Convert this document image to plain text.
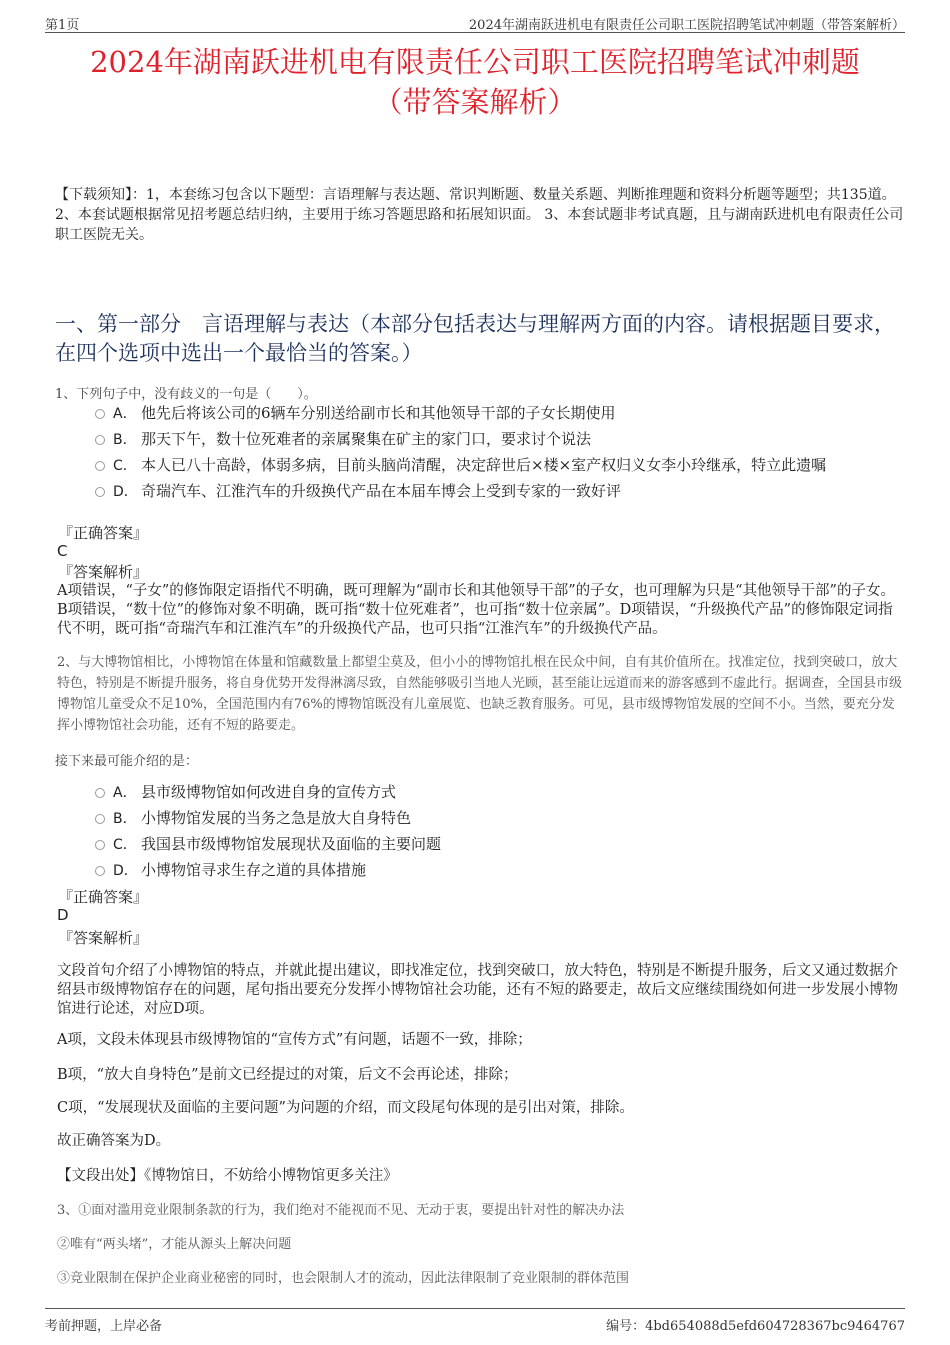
第1页	2024年湖南跃进机电有限责任公司职工医院招聘笔试冲刺题（带答案解析）
2024年湖南跃进机电有限责任公司职工医院招聘笔试冲刺题
（带答案解析）
【下载须知】：1，本套练习包含以下题型：言语理解与表达题、常识判断题、数量关系题、判断推理题和资料分析题等题型；共135道。 2、本套试题根据常见招考题总结归纳，主要用于练习答题思路和拓展知识面。 3、本套试题非考试真题，且与湖南跃进机电有限责任公司职工医院无关。
一、第一部分　言语理解与表达（本部分包括表达与理解两方面的内容。请根据题目要求，在四个选项中选出一个最恰当的答案。）
1、下列句子中，没有歧义的一句是（　　）。
A． 他先后将该公司的6辆车分别送给副市长和其他领导干部的子女长期使用
B． 那天下午，数十位死难者的亲属聚集在矿主的家门口，要求讨个说法
C． 本人已八十高龄，体弱多病，目前头脑尚清醒，决定辞世后×楼×室产权归义女李小玲继承，特立此遗嘱
D． 奇瑞汽车、江淮汽车的升级换代产品在本届车博会上受到专家的一致好评
『正确答案』
C
『答案解析』
A项错误，“子女”的修饰限定语指代不明确，既可理解为“副市长和其他领导干部”的子女，也可理解为只是“其他领导干部”的子女。B项错误，“数十位”的修饰对象不明确，既可指“数十位死难者”，也可指“数十位亲属”。D项错误，“升级换代产品”的修饰限定词指代不明，既可指“奇瑞汽车和江淮汽车”的升级换代产品，也可只指“江淮汽车”的升级换代产品。
2、与大博物馆相比，小博物馆在体量和馆藏数量上都望尘莫及，但小小的博物馆扎根在民众中间，自有其价值所在。找准定位，找到突破口，放大特色，特别是不断提升服务，将自身优势开发得淋漓尽致，自然能够吸引当地人光顾，甚至能让远道而来的游客感到不虚此行。据调查，全国县市级博物馆儿童受众不足10%，全国范围内有76%的博物馆既没有儿童展览、也缺乏教育服务。可见，县市级博物馆发展的空间不小。当然，要充分发挥小博物馆社会功能，还有不短的路要走。
接下来最可能介绍的是：
A． 县市级博物馆如何改进自身的宣传方式
B． 小博物馆发展的当务之急是放大自身特色
C． 我国县市级博物馆发展现状及面临的主要问题
D． 小博物馆寻求生存之道的具体措施
『正确答案』
D
『答案解析』
文段首句介绍了小博物馆的特点，并就此提出建议，即找准定位，找到突破口，放大特色，特别是不断提升服务，后文又通过数据介绍县市级博物馆存在的问题，尾句指出要充分发挥小博物馆社会功能，还有不短的路要走，故后文应继续围绕如何进一步发展小博物馆进行论述，对应D项。
A项，文段未体现县市级博物馆的“宣传方式”有问题，话题不一致，排除；
B项，“放大自身特色”是前文已经提过的对策，后文不会再论述，排除；
C项，“发展现状及面临的主要问题”为问题的介绍，而文段尾句体现的是引出对策，排除。
故正确答案为D。
【文段出处】《博物馆日，不妨给小博物馆更多关注》
3、①面对滥用竞业限制条款的行为，我们绝对不能视而不见、无动于衷，要提出针对性的解决办法
②唯有“两头堵”，才能从源头上解决问题
③竞业限制在保护企业商业秘密的同时，也会限制人才的流动，因此法律限制了竞业限制的群体范围
考前押题，上岸必备	编号：4bd654088d5efd604728367bc9464767
